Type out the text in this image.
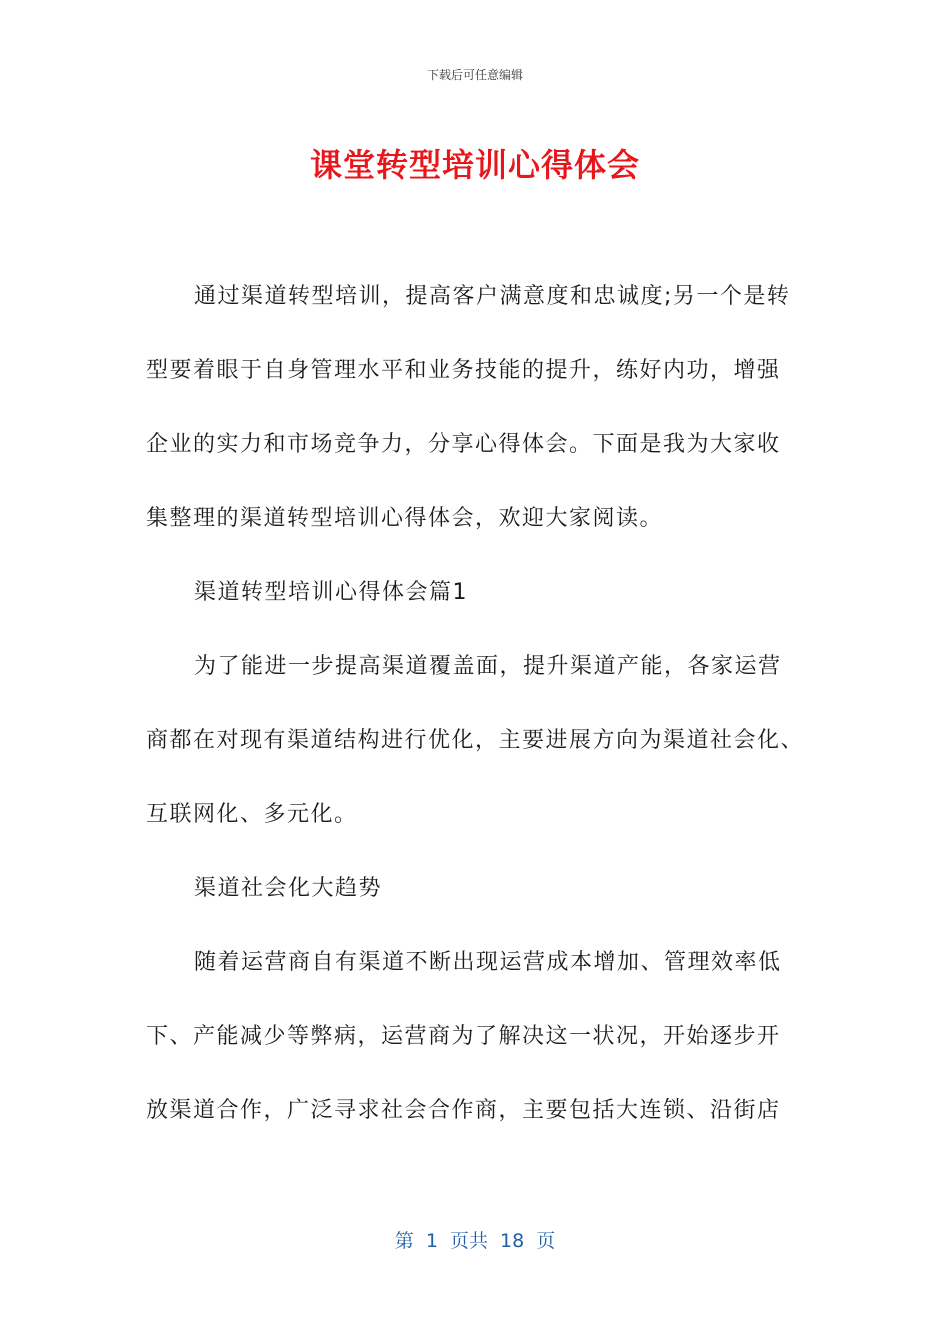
下载后可任意编辑
课堂转型培训心得体会
通过渠道转型培训，提高客户满意度和忠诚度;另一个是转
型要着眼于自身管理水平和业务技能的提升，练好内功，增强
企业的实力和市场竞争力，分享心得体会。下面是我为大家收
集整理的渠道转型培训心得体会，欢迎大家阅读。
渠道转型培训心得体会篇1
为了能进一步提高渠道覆盖面，提升渠道产能，各家运营
商都在对现有渠道结构进行优化，主要进展方向为渠道社会化、
互联网化、多元化。
渠道社会化大趋势
随着运营商自有渠道不断出现运营成本增加、管理效率低
下、产能减少等弊病，运营商为了解决这一状况，开始逐步开
放渠道合作，广泛寻求社会合作商，主要包括大连锁、沿街店
第 1 页共 18 页
